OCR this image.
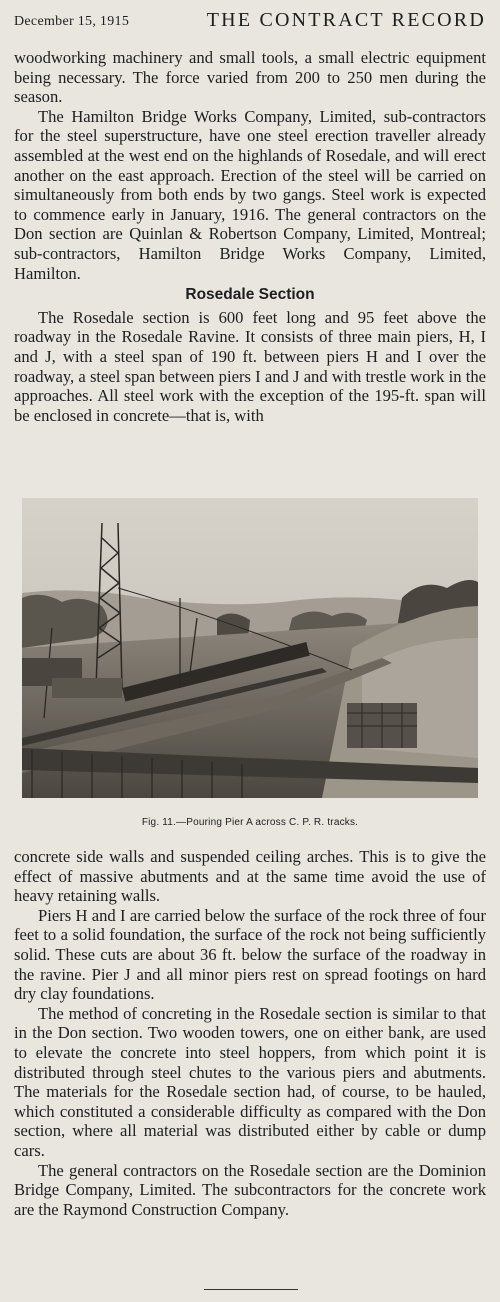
December 15, 1915	THE CONTRACT RECORD

woodworking machinery and small tools, a small electric equipment being necessary. The force varied from 200 to 250 men during the season.

The Hamilton Bridge Works Company, Limited, sub-contractors for the steel superstructure, have one steel erection traveller already assembled at the west end on the highlands of Rosedale, and will erect another on the east approach. Erection of the steel will be carried on simultaneously from both ends by two gangs. Steel work is expected to commence early in January, 1916. The general contractors on the Don section are Quinlan & Robertson Company, Limited, Montreal; sub-contractors, Hamilton Bridge Works Company, Limited, Hamilton.

Rosedale Section

The Rosedale section is 600 feet long and 95 feet above the roadway in the Rosedale Ravine. It consists of three main piers, H, I and J, with a steel span of 190 ft. between piers H and I over the roadway, a steel span between piers I and J and with trestle work in the approaches. All steel work with the exception of the 195-ft. span will be enclosed in concrete—that is, with

Fig. 11.—Pouring Pier A across C. P. R. tracks.

concrete side walls and suspended ceiling arches. This is to give the effect of massive abutments and at the same time avoid the use of heavy retaining walls.

Piers H and I are carried below the surface of the rock three of four feet to a solid foundation, the surface of the rock not being sufficiently solid. These cuts are about 36 ft. below the surface of the roadway in the ravine. Pier J and all minor piers rest on spread footings on hard dry clay foundations.

The method of concreting in the Rosedale section is similar to that in the Don section. Two wooden towers, one on either bank, are used to elevate the concrete into steel hoppers, from which point it is distributed through steel chutes to the various piers and abutments. The materials for the Rosedale section had, of course, to be hauled, which constituted a considerable difficulty as compared with the Don section, where all material was distributed either by cable or dump cars.

The general contractors on the Rosedale section are the Dominion Bridge Company, Limited. The subcontractors for the concrete work are the Raymond Construction Company.
